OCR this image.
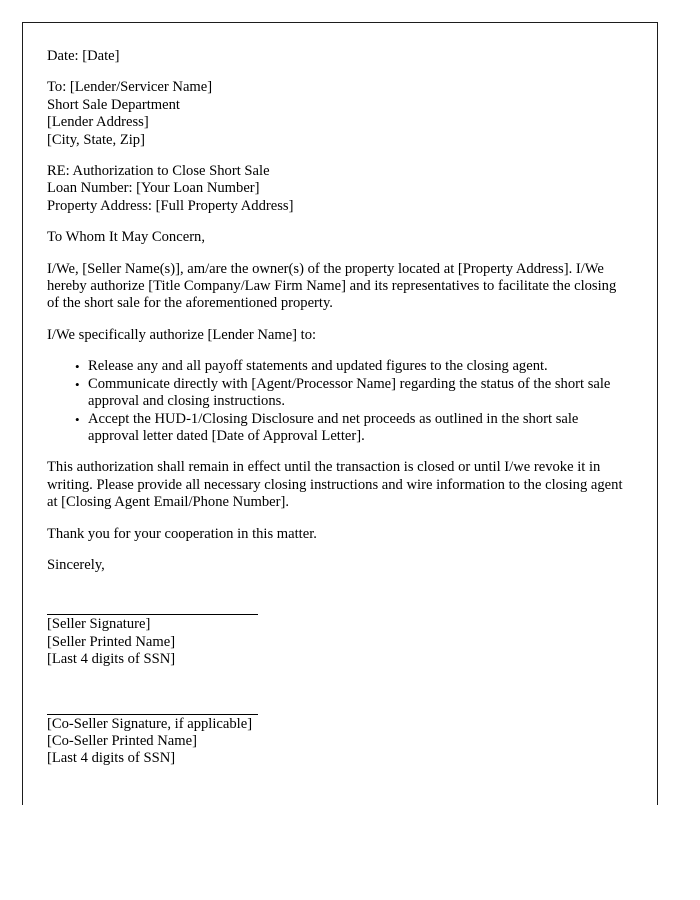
Date: [Date]
To: [Lender/Servicer Name]
Short Sale Department
[Lender Address]
[City, State, Zip]
RE: Authorization to Close Short Sale
Loan Number: [Your Loan Number]
Property Address: [Full Property Address]
To Whom It May Concern,

I/We, [Seller Name(s)], am/are the owner(s) of the property located at [Property Address]. I/We hereby authorize [Title Company/Law Firm Name] and its representatives to facilitate the closing of the short sale for the aforementioned property.

I/We specifically authorize [Lender Name] to:

• Release any and all payoff statements and updated figures to the closing agent.
• Communicate directly with [Agent/Processor Name] regarding the status of the short sale approval and closing instructions.
• Accept the HUD-1/Closing Disclosure and net proceeds as outlined in the short sale approval letter dated [Date of Approval Letter].

This authorization shall remain in effect until the transaction is closed or until I/we revoke it in writing. Please provide all necessary closing instructions and wire information to the closing agent at [Closing Agent Email/Phone Number].

Thank you for your cooperation in this matter.

Sincerely,

[Seller Signature]
[Seller Printed Name]
[Last 4 digits of SSN]
[Co-Seller Signature, if applicable]
[Co-Seller Printed Name]
[Last 4 digits of SSN]
